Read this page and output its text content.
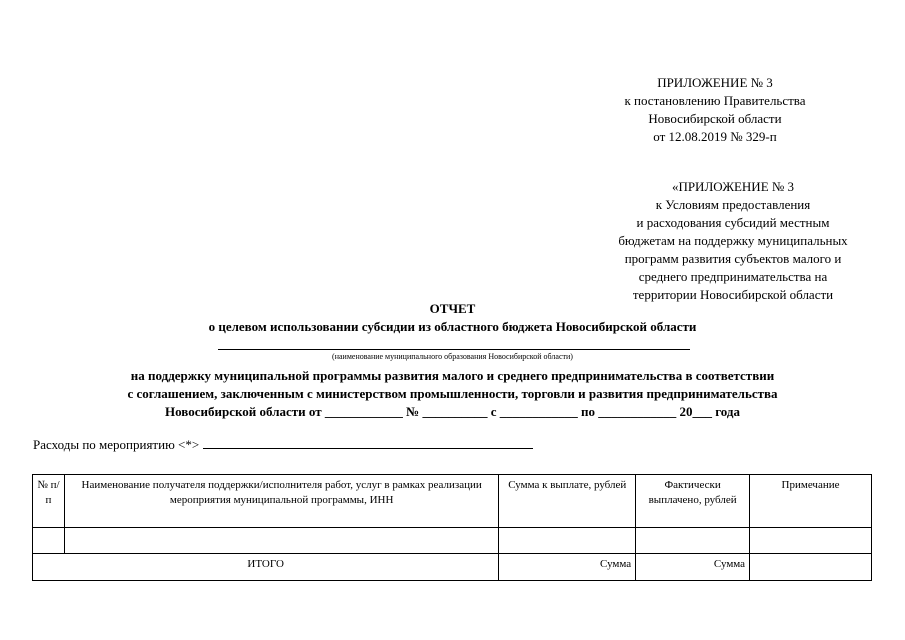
ПРИЛОЖЕНИЕ № 3
к постановлению Правительства
Новосибирской области
от 12.08.2019 № 329-п
«ПРИЛОЖЕНИЕ № 3
к Условиям предоставления
и расходования субсидий местным
бюджетам на поддержку муниципальных
программ развития субъектов малого и
среднего предпринимательства на
территории Новосибирской области
ОТЧЕТ
о целевом использовании субсидии из областного бюджета Новосибирской области
(наименование муниципального образования Новосибирской области)
на поддержку муниципальной программы развития малого и среднего предпринимательства в соответствии
с соглашением, заключенным с министерством промышленности, торговли и развития предпринимательства
Новосибирской области от ____________ № __________ с ____________ по ____________ 20___ года
Расходы по мероприятию <*>
№ п/п	Наименование получателя поддержки/исполнителя работ, услуг в рамках реализации мероприятия муниципальной программы, ИНН	Сумма к выплате, рублей	Фактически выплачено, рублей	Примечание

ИТОГО		Сумма	Сумма	
